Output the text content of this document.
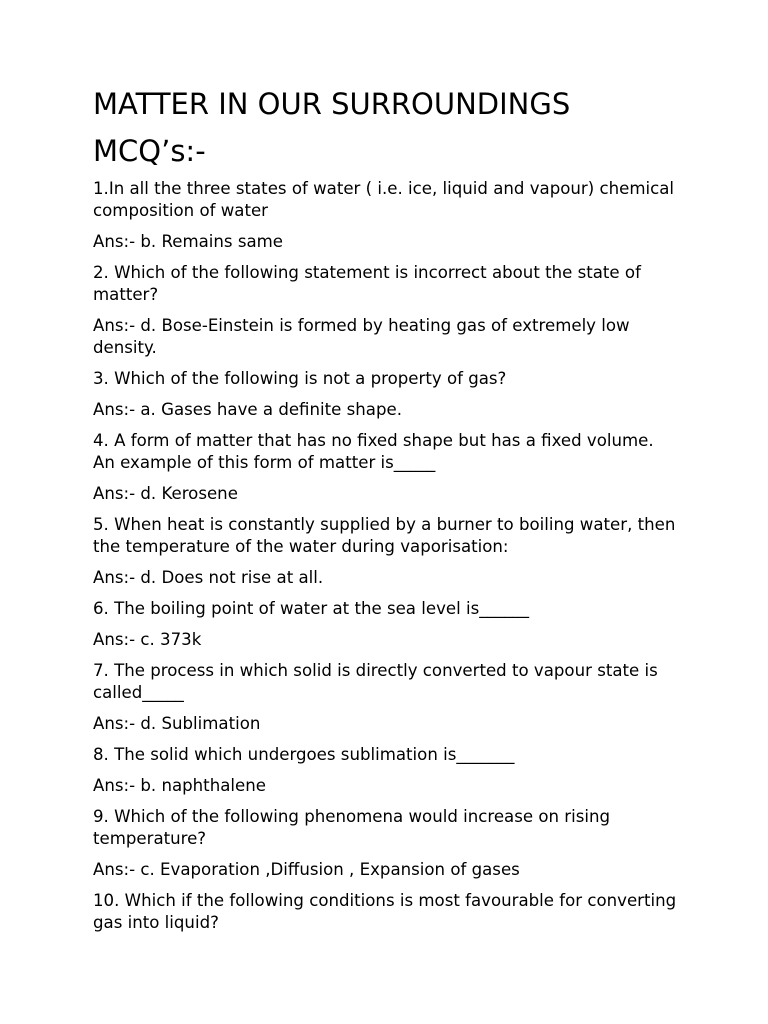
MATTER IN OUR SURROUNDINGS
MCQ’s:-

1.In all the three states of water ( i.e. ice, liquid and vapour) chemical composition of water

Ans:- b. Remains same

2. Which of the following statement is incorrect about the state of matter?

Ans:- d. Bose-Einstein is formed by heating gas of extremely low density.

3. Which of the following is not a property of gas?

Ans:- a. Gases have a definite shape.

4. A form of matter that has no fixed shape but has a fixed volume. An example of this form of matter is_____

Ans:- d. Kerosene

5. When heat is constantly supplied by a burner to boiling water, then the temperature of the water during vaporisation:

Ans:- d. Does not rise at all.

6. The boiling point of water at the sea level is______

Ans:- c. 373k

7. The process in which solid is directly converted to vapour state is called_____

Ans:- d. Sublimation

8. The solid which undergoes sublimation is_______

Ans:- b. naphthalene

9. Which of the following phenomena would increase on rising temperature?

Ans:- c. Evaporation ,Diffusion , Expansion of gases

10. Which if the following conditions is most favourable for converting gas into liquid?
